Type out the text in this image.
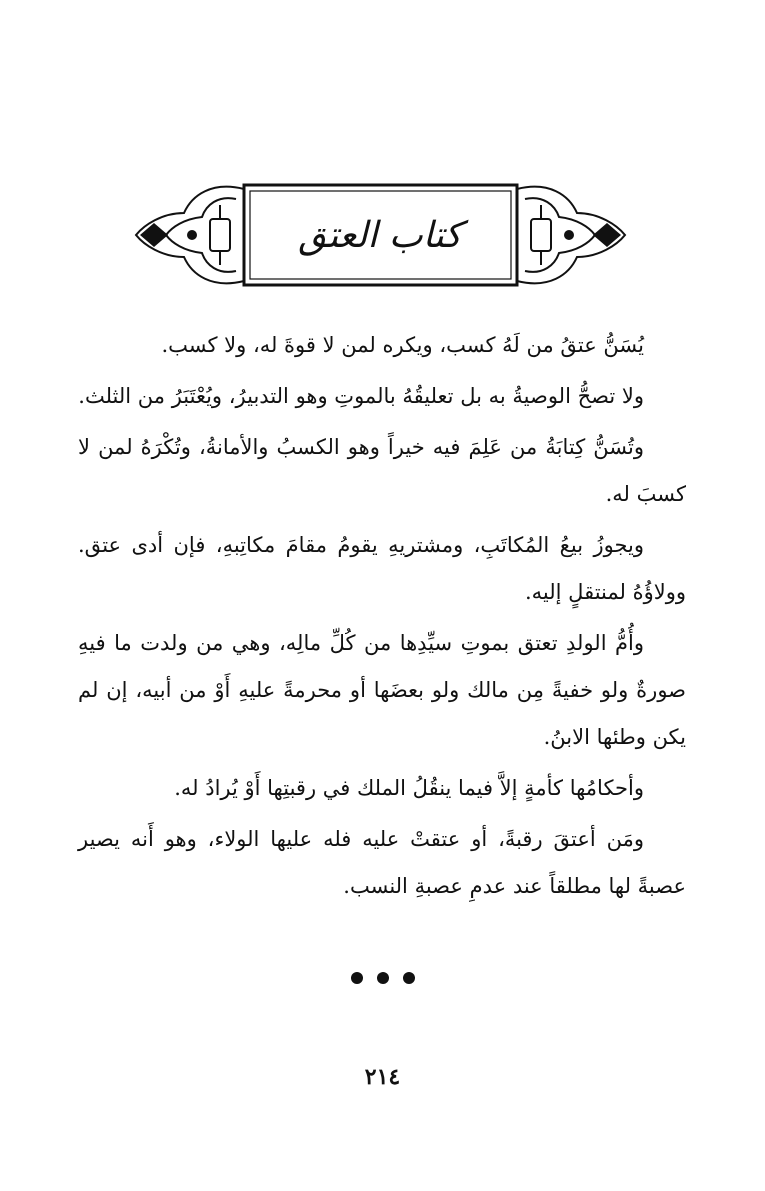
كتاب العتق

يُسَنُّ عتقُ من لَهُ كسب، ويكره لمن لا قوةَ له، ولا كسب.

ولا تصحُّ الوصيةُ به بل تعليقُهُ بالموتِ وهو التدبيرُ، ويُعْتَبَرُ من الثلث.

وتُسَنُّ كِتابَةُ من عَلِمَ فيه خيراً وهو الكسبُ والأمانةُ، وتُكْرَهُ لمن لا كسبَ له.

ويجوزُ بيعُ المُكاتَبِ، ومشتريهِ يقومُ مقامَ مكاتِبهِ، فإن أدى عتق. وولاؤُهُ لمنتقلٍ إليه.

وأُمُّ الولدِ تعتق بموتِ سيِّدِها من كُلِّ مالِه، وهي من ولدت ما فيهِ صورةٌ ولو خفيةً مِن مالك ولو بعضَها أو محرمةً عليهِ أَوْ من أبيه، إن لم يكن وطئها الابنُ.

وأحكامُها كأمةٍ إلاَّ فيما ينقُلُ الملك في رقبتِها أَوْ يُرادُ له.

ومَن أعتقَ رقبةً، أو عتقتْ عليه فله عليها الولاء، وهو أَنه يصير عصبةً لها مطلقاً عند عدمِ عصبةِ النسب.

٢١٤
